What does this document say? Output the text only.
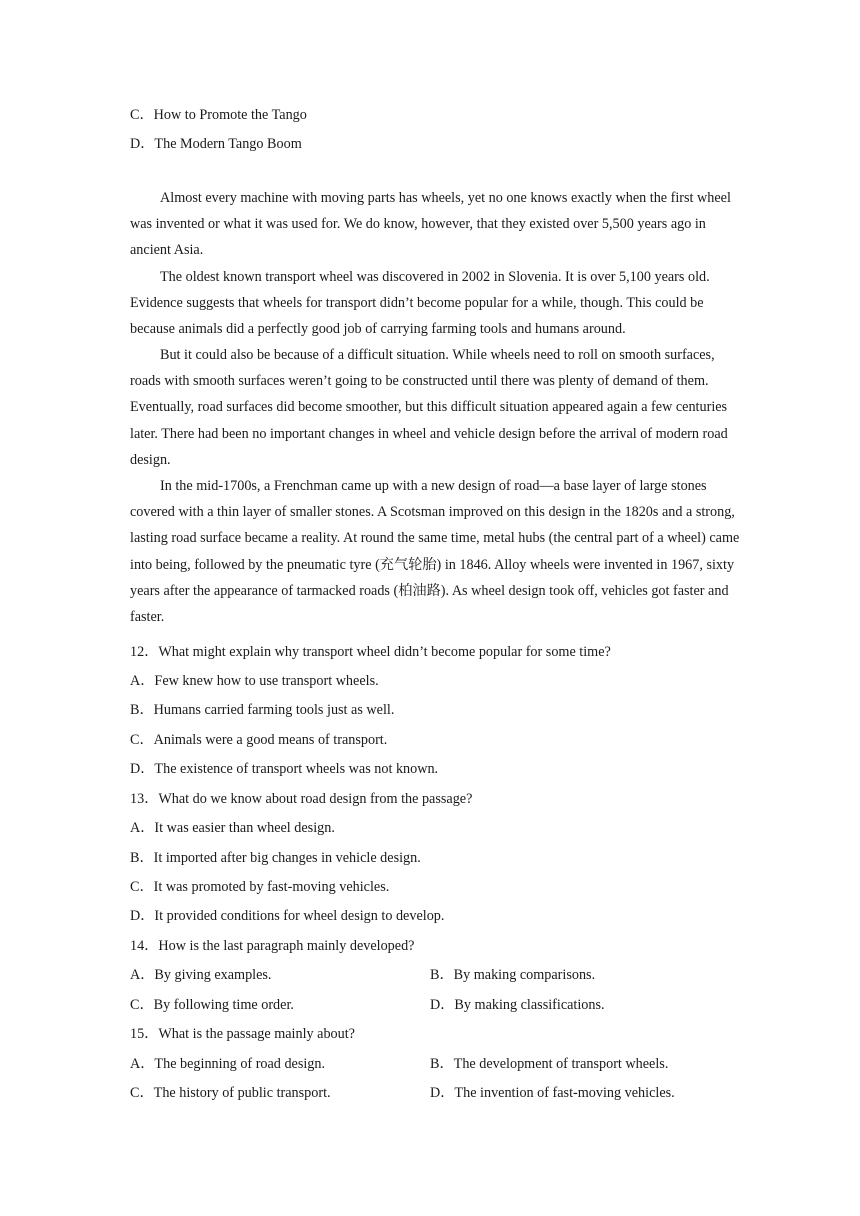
C．How to Promote the Tango
D．The Modern Tango Boom
Almost every machine with moving parts has wheels, yet no one knows exactly when the first wheel was invented or what it was used for. We do know, however, that they existed over 5,500 years ago in ancient Asia.
The oldest known transport wheel was discovered in 2002 in Slovenia. It is over 5,100 years old. Evidence suggests that wheels for transport didn’t become popular for a while, though. This could be because animals did a perfectly good job of carrying farming tools and humans around.
But it could also be because of a difficult situation. While wheels need to roll on smooth surfaces, roads with smooth surfaces weren’t going to be constructed until there was plenty of demand of them. Eventually, road surfaces did become smoother, but this difficult situation appeared again a few centuries later. There had been no important changes in wheel and vehicle design before the arrival of modern road design.
In the mid-1700s, a Frenchman came up with a new design of road—a base layer of large stones covered with a thin layer of smaller stones. A Scotsman improved on this design in the 1820s and a strong, lasting road surface became a reality. At round the same time, metal hubs (the central part of a wheel) came into being, followed by the pneumatic tyre (充气轮胎) in 1846. Alloy wheels were invented in 1967, sixty years after the appearance of tarmacked roads (柏油路). As wheel design took off, vehicles got faster and faster.
12．What might explain why transport wheel didn’t become popular for some time?
A．Few knew how to use transport wheels.
B．Humans carried farming tools just as well.
C．Animals were a good means of transport.
D．The existence of transport wheels was not known.
13．What do we know about road design from the passage?
A．It was easier than wheel design.
B．It imported after big changes in vehicle design.
C．It was promoted by fast-moving vehicles.
D．It provided conditions for wheel design to develop.
14．How is the last paragraph mainly developed?
A．By giving examples.	B．By making comparisons.
C．By following time order.	D．By making classifications.
15．What is the passage mainly about?
A．The beginning of road design.	B．The development of transport wheels.
C．The history of public transport.	D．The invention of fast-moving vehicles.
